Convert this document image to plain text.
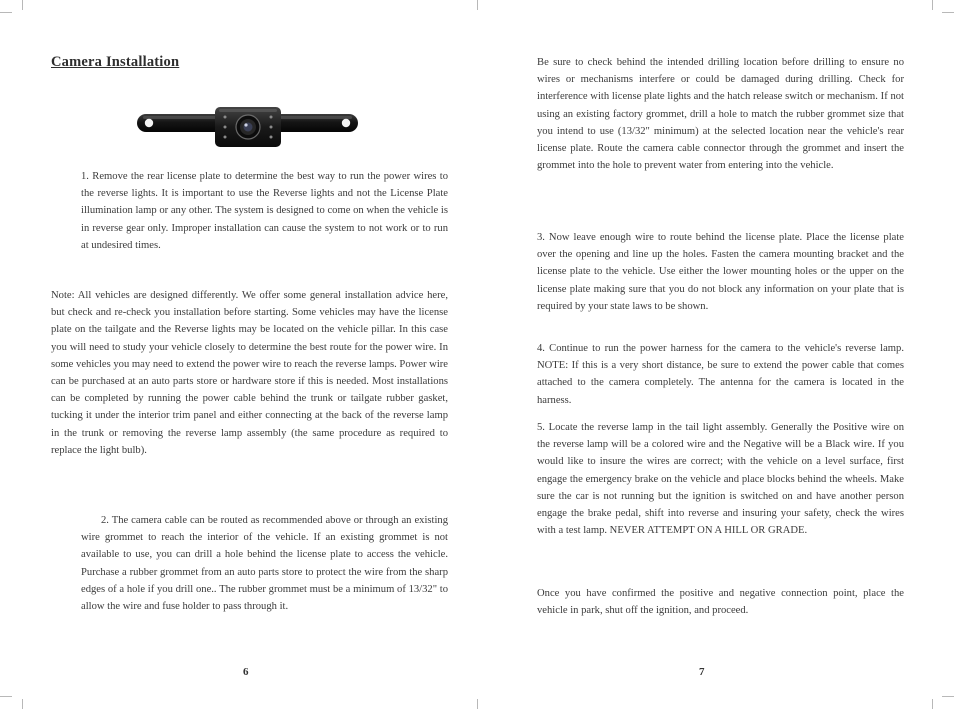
Camera Installation

1. Remove the rear license plate to determine the best way to run the power wires to the reverse lights. It is important to use the Reverse lights and not the License Plate illumination lamp or any other. The system is designed to come on when the vehicle is in reverse gear only. Improper installation can cause the system to not work or to run at undesired times.

Note: All vehicles are designed differently. We offer some general installation advice here, but check and re-check you installation before starting. Some vehicles may have the license plate on the tailgate and the Reverse lights may be located on the vehicle pillar. In this case you will need to study your vehicle closely to determine the best route for the power wire. In some vehicles you may need to extend the power wire to reach the reverse lamps. Power wire can be purchased at an auto parts store or hardware store if this is needed. Most installations can be completed by running the power cable behind the trunk or tailgate rubber gasket, tucking it under the interior trim panel and either connecting at the back of the reverse lamp in the trunk or removing the reverse lamp assembly (the same procedure as required to replace the light bulb).

2. The camera cable can be routed as recommended above or through an existing wire grommet to reach the interior of the vehicle. If an existing grommet is not available to use, you can drill a hole behind the license plate to access the vehicle. Purchase a rubber grommet from an auto parts store to protect the wire from the sharp edges of a hole if you drill one.. The rubber grommet must be a minimum of 13/32" to allow the wire and fuse holder to pass through it.

6

Be sure to check behind the intended drilling location before drilling to ensure no wires or mechanisms interfere or could be damaged during drilling. Check for interference with license plate lights and the hatch release switch or mechanism. If not using an existing factory grommet, drill a hole to match the rubber grommet size that you intend to use (13/32" minimum) at the selected location near the vehicle's rear license plate. Route the camera cable connector through the grommet and insert the grommet into the hole to prevent water from entering into the vehicle.

3. Now leave enough wire to route behind the license plate. Place the license plate over the opening and line up the holes. Fasten the camera mounting bracket and the license plate to the vehicle. Use either the lower mounting holes or the upper on the license plate making sure that you do not block any information on your plate that is required by your state laws to be shown.

4. Continue to run the power harness for the camera to the vehicle's reverse lamp. NOTE: If this is a very short distance, be sure to extend the power cable that comes attached to the camera completely. The antenna for the camera is located in the harness.

5. Locate the reverse lamp in the tail light assembly. Generally the Positive wire on the reverse lamp will be a colored wire and the Negative will be a Black wire. If you would like to insure the wires are correct; with the vehicle on a level surface, first engage the emergency brake on the vehicle and place blocks behind the wheels. Make sure the car is not running but the ignition is switched on and have another person engage the brake pedal, shift into reverse and insuring your safety, check the wires with a test lamp. NEVER ATTEMPT ON A HILL OR GRADE.

Once you have confirmed the positive and negative connection point, place the vehicle in park, shut off the ignition, and proceed.

7
